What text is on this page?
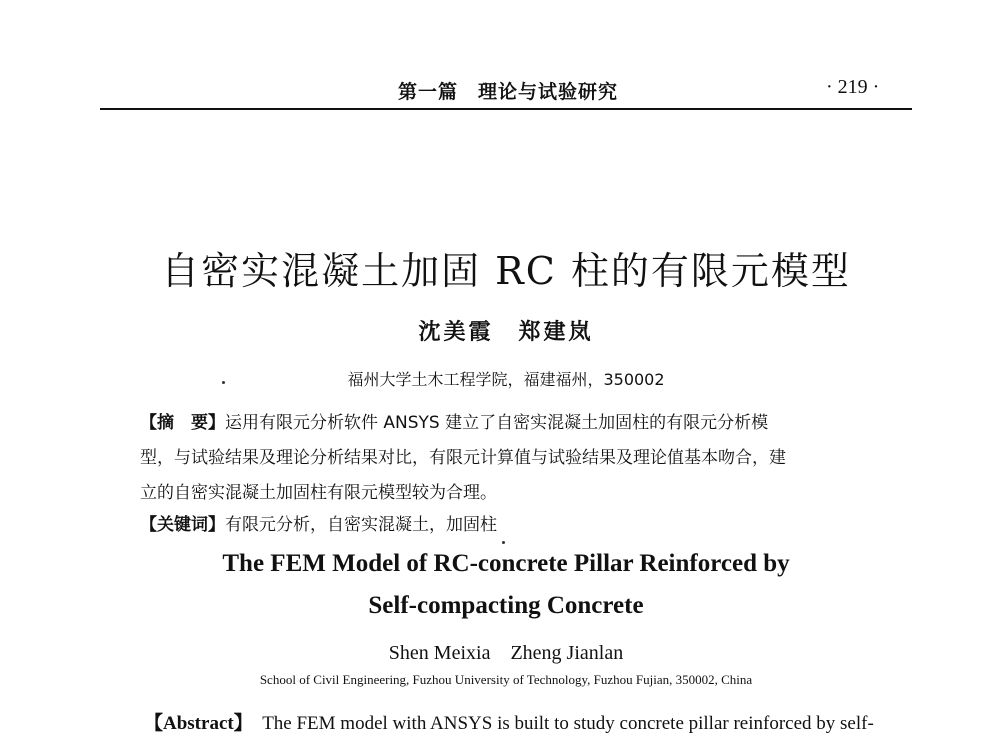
第一篇　理论与试验研究	· 219 ·
自密实混凝土加固 RC 柱的有限元模型
沈美霞　郑建岚
福州大学土木工程学院，福建福州，350002
【摘　要】运用有限元分析软件 ANSYS 建立了自密实混凝土加固柱的有限元分析模
型，与试验结果及理论分析结果对比，有限元计算值与试验结果及理论值基本吻合，建
立的自密实混凝土加固柱有限元模型较为合理。
【关键词】有限元分析，自密实混凝土，加固柱
The FEM Model of RC-concrete Pillar Reinforced by
Self-compacting Concrete
Shen Meixia　Zheng Jianlan
School of Civil Engineering, Fuzhou University of Technology, Fuzhou Fujian, 350002, China
【Abstract】 The FEM model with ANSYS is built to study concrete pillar reinforced by self-
